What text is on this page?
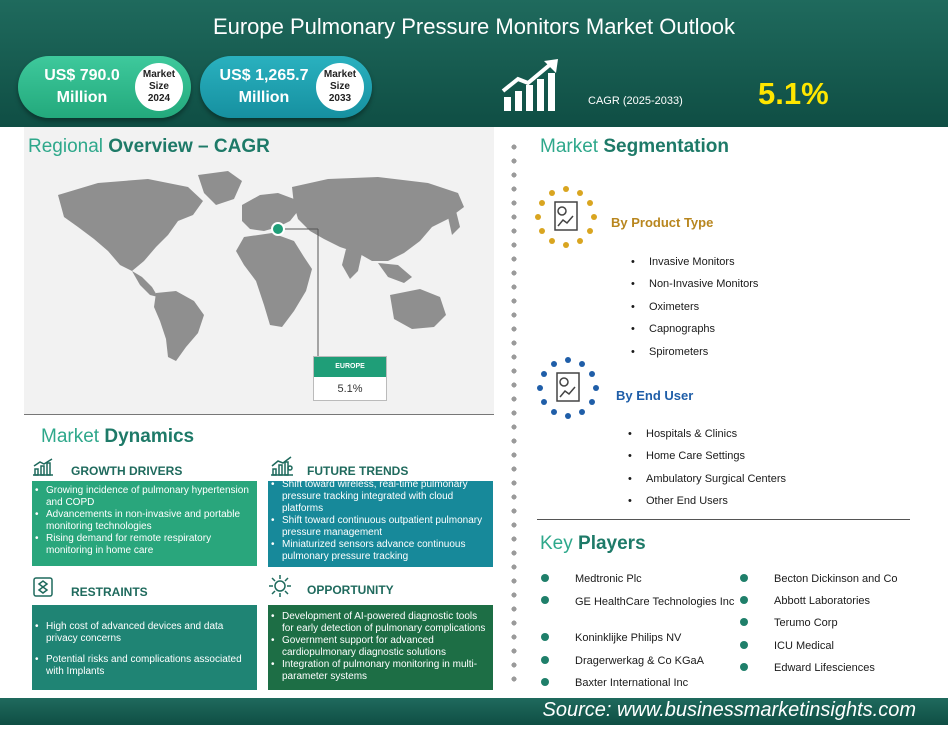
Europe Pulmonary Pressure Monitors Market Outlook
US$ 790.0
Million
Market
Size
2024
US$ 1,265.7
Million
Market
Size
2033	CAGR (2025-2033) 5.1%
Regional Overview – CAGR
EUROPE
5.1%
Market Dynamics
GROWTH DRIVERS
• Growing incidence of pulmonary hypertension and COPD
• Advancements in non-invasive and portable monitoring technologies
• Rising demand for remote respiratory monitoring in home care
FUTURE TRENDS
• Shift toward wireless, real-time pulmonary pressure tracking integrated with cloud platforms
• Shift toward continuous outpatient pulmonary pressure management
• Miniaturized sensors advance continuous pulmonary pressure tracking
RESTRAINTS
• High cost of advanced devices and data privacy concerns
• Potential risks and complications associated with Implants
OPPORTUNITY
• Development of AI-powered diagnostic tools for early detection of pulmonary complications
• Government support for advanced cardiopulmonary diagnostic solutions
• Integration of pulmonary monitoring in multi-parameter systems
Market Segmentation
By Product Type
• Invasive Monitors
• Non-Invasive Monitors
• Oximeters
• Capnographs
• Spirometers
By End User
• Hospitals & Clinics
• Home Care Settings
• Ambulatory Surgical Centers
• Other End Users
Key Players
Medtronic Plc
GE HealthCare Technologies Inc
Koninklijke Philips NV
Dragerwerkag & Co KGaA
Baxter International Inc
Becton Dickinson and Co
Abbott Laboratories
Terumo Corp
ICU Medical
Edward Lifesciences
Source: www.businessmarketinsights.com
